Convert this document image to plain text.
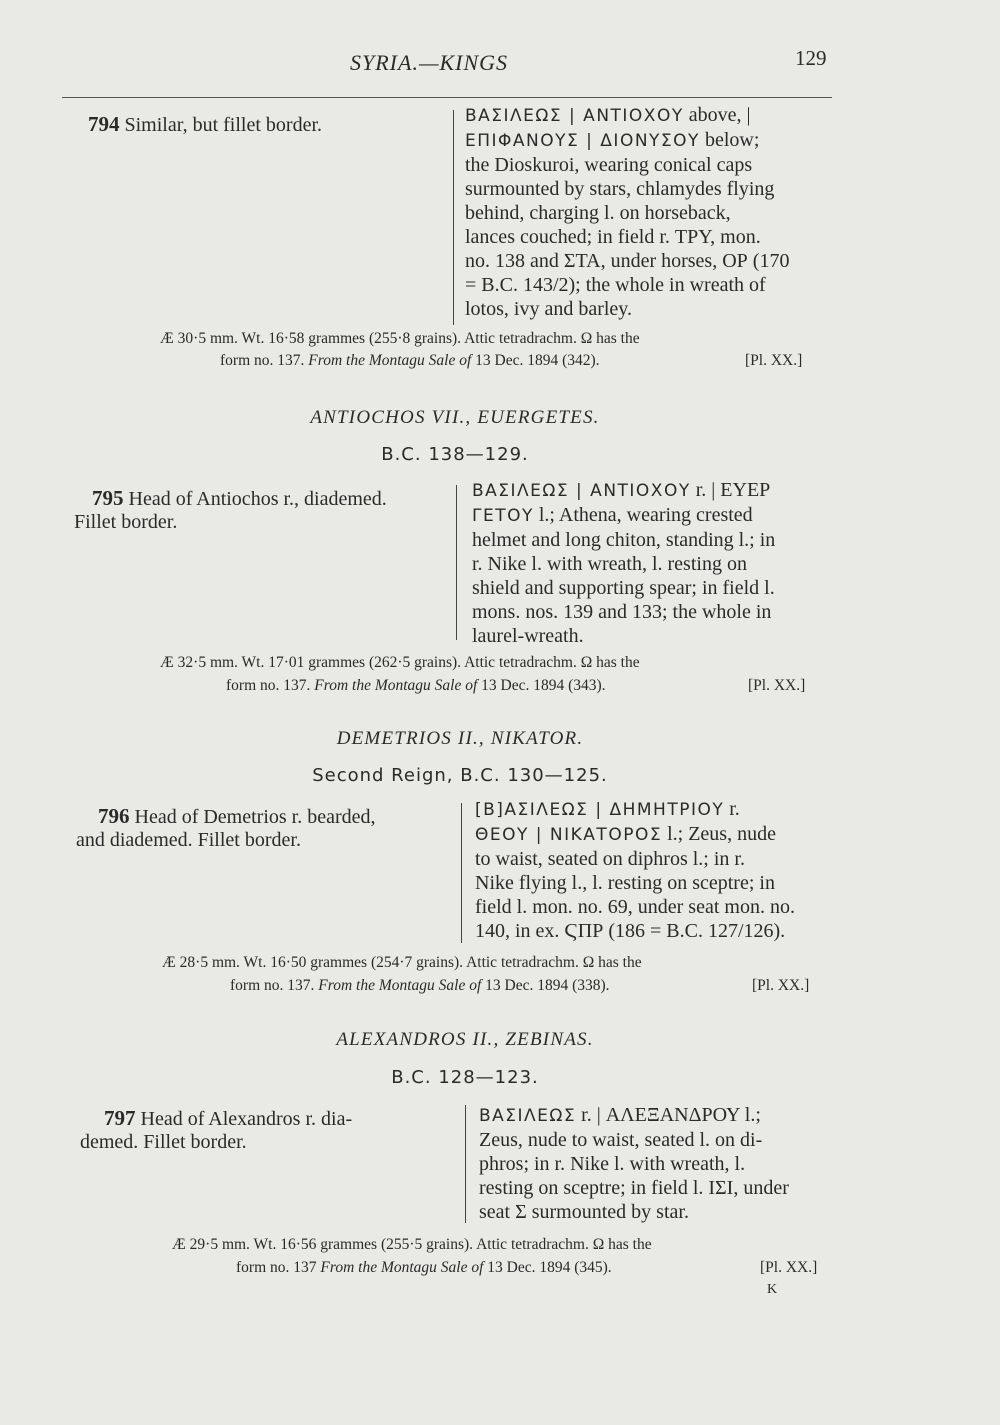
SYRIA.—KINGS	129
794 Similar, but fillet border.	ΒΑΣΙΛΕΩΣ | ΑΝΤΙΟΧΟΥ above, |
ΕΠΙΦΑΝΟΥΣ | ΔΙΟΝΥΣΟΥ below;
the Dioskuroi, wearing conical caps
surmounted by stars, chlamydes flying
behind, charging l. on horseback,
lances couched; in field r. ΤΡΥ, mon.
no. 138 and ΣΤΑ, under horses, ΟΡ (170
= B.C. 143/2); the whole in wreath of
lotos, ivy and barley.
Æ 30·5 mm. Wt. 16·58 grammes (255·8 grains). Attic tetradrachm. Ω has the
form no. 137. From the Montagu Sale of 13 Dec. 1894 (342).	[Pl. XX.]
ANTIOCHOS VII., EUERGETES.
B.C. 138—129.
795 Head of Antiochos r., diademed.
Fillet border.
ΒΑΣΙΛΕΩΣ | ΑΝΤΙΟΧΟΥ r. | ΕΥΕΡ
ΓΕΤΟΥ l.; Athena, wearing crested
helmet and long chiton, standing l.; in
r. Nike l. with wreath, l. resting on
shield and supporting spear; in field l.
mons. nos. 139 and 133; the whole in
laurel-wreath.
Æ 32·5 mm. Wt. 17·01 grammes (262·5 grains). Attic tetradrachm. Ω has the
form no. 137. From the Montagu Sale of 13 Dec. 1894 (343).	[Pl. XX.]
DEMETRIOS II., NIKATOR.
Second Reign, B.C. 130—125.
796 Head of Demetrios r. bearded,
and diademed. Fillet border.
[Β]ΑΣΙΛΕΩΣ | ΔΗΜΗΤΡΙΟΥ r.
ΘΕΟΥ | ΝΙΚΑΤΟΡΟΣ l.; Zeus, nude
to waist, seated on diphros l.; in r.
Nike flying l., l. resting on sceptre; in
field l. mon. no. 69, under seat mon. no.
140, in ex. ϚΠΡ (186 = B.C. 127/126).
Æ 28·5 mm. Wt. 16·50 grammes (254·7 grains). Attic tetradrachm. Ω has the
form no. 137. From the Montagu Sale of 13 Dec. 1894 (338).	[Pl. XX.]
ALEXANDROS II., ZEBINAS.
B.C. 128—123.
797 Head of Alexandros r. dia-
demed. Fillet border.
ΒΑΣΙΛΕΩΣ r. | ΑΛΕΞΑΝΔΡΟΥ l.;
Zeus, nude to waist, seated l. on di-
phros; in r. Nike l. with wreath, l.
resting on sceptre; in field l. ΙΣΙ, under
seat Σ surmounted by star.
Æ 29·5 mm. Wt. 16·56 grammes (255·5 grains). Attic tetradrachm. Ω has the
form no. 137 From the Montagu Sale of 13 Dec. 1894 (345).	[Pl. XX.]
K
